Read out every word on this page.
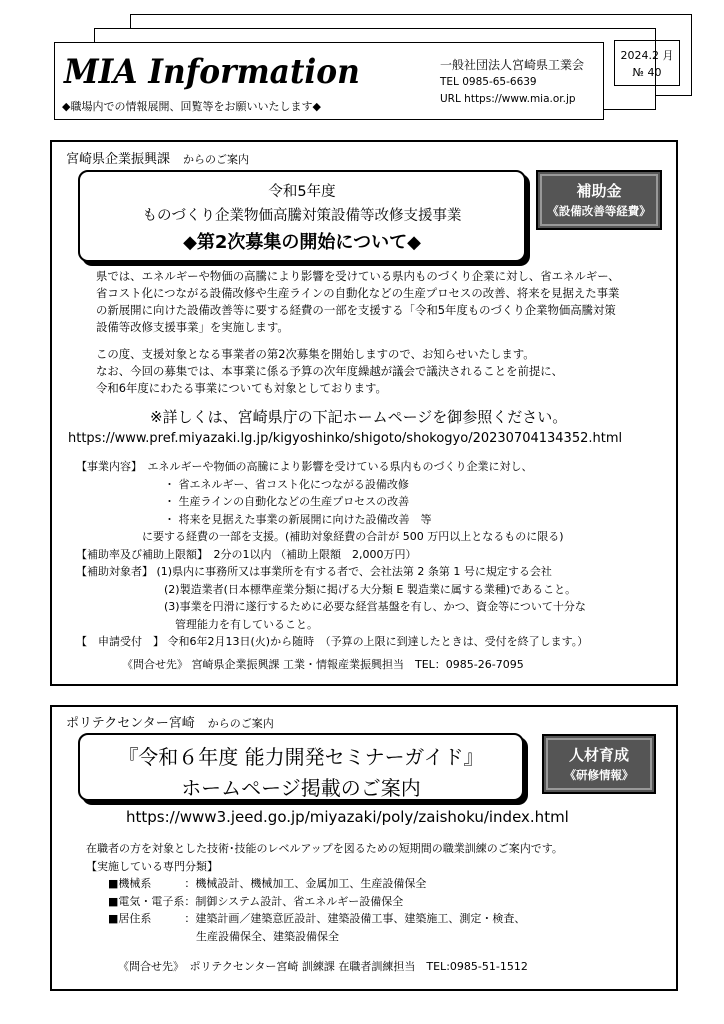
MIA Information
◆職場内での情報展開、回覧等をお願いいたします◆
一般社団法人宮崎県工業会
TEL 0985-65-6639
URL https://www.mia.or.jp
2024.2 月
№ 40
宮崎県企業振興課　 からのご案内
令和5年度
ものづくり企業物価高騰対策設備等改修支援事業
◆第2次募集の開始について◆
補助金
《設備改善等経費》
県では、エネルギーや物価の高騰により影響を受けている県内ものづくり企業に対し、省エネルギー、
省コスト化につながる設備改修や生産ラインの自動化などの生産プロセスの改善、将来を見据えた事業
の新展開に向けた設備改善等に要する経費の一部を支援する「令和5年度ものづくり企業物価高騰対策
設備等改修支援事業」を実施します。
この度、支援対象となる事業者の第2次募集を開始しますので、お知らせいたします。
なお、今回の募集では、本事業に係る予算の次年度繰越が議会で議決されることを前提に、
令和6年度にわたる事業についても対象としております。
※詳しくは、宮崎県庁の下記ホームページを御参照ください。
https://www.pref.miyazaki.lg.jp/kigyoshinko/shigoto/shokogyo/20230704134352.html
【事業内容】　エネルギーや物価の高騰により影響を受けている県内ものづくり企業に対し、
　　　　　　　　・ 省エネルギー、省コスト化につながる設備改修
　　　　　　　　・ 生産ラインの自動化などの生産プロセスの改善
　　　　　　　　・ 将来を見据えた事業の新展開に向けた設備改善　等
　　　　　　に要する経費の一部を支援。(補助対象経費の合計が 500 万円以上となるものに限る)
【補助率及び補助上限額】　2分の1以内 （補助上限額　2,000万円）
【補助対象者】 (1)県内に事務所又は事業所を有する者で、会社法第 2 条第 1 号に規定する会社
　　　　　　　　(2)製造業者(日本標準産業分類に掲げる大分類 E 製造業に属する業種)であること。
　　　　　　　　(3)事業を円滑に遂行するために必要な経営基盤を有し、かつ、資金等について十分な
　　　　　　　　　管理能力を有していること。
【　申請受付　】 令和6年2月13日(火)から随時　（予算の上限に到達したときは、受付を終了します。）
《問合せ先》 宮崎県企業振興課 工業・情報産業振興担当　TEL：0985-26-7095
ポリテクセンター宮崎　 からのご案内
『令和６年度 能力開発セミナーガイド』
ホームページ掲載のご案内
人材育成
《研修情報》
https://www3.jeed.go.jp/miyazaki/poly/zaishoku/index.html
在職者の方を対象とした技術･技能のレベルアップを図るための短期間の職業訓練のご案内です。
【実施している専門分類】
　　■機械系　　　：機械設計、機械加工、金属加工、生産設備保全
　　■電気・電子系：制御システム設計、省エネルギー設備保全
　　■居住系　　　：建築計画／建築意匠設計、建築設備工事、建築施工、測定・検査、
　　　　　　　　　　生産設備保全、建築設備保全
《問合せ先》　ポリテクセンター宮崎 訓練課 在職者訓練担当　TEL:0985-51-1512
